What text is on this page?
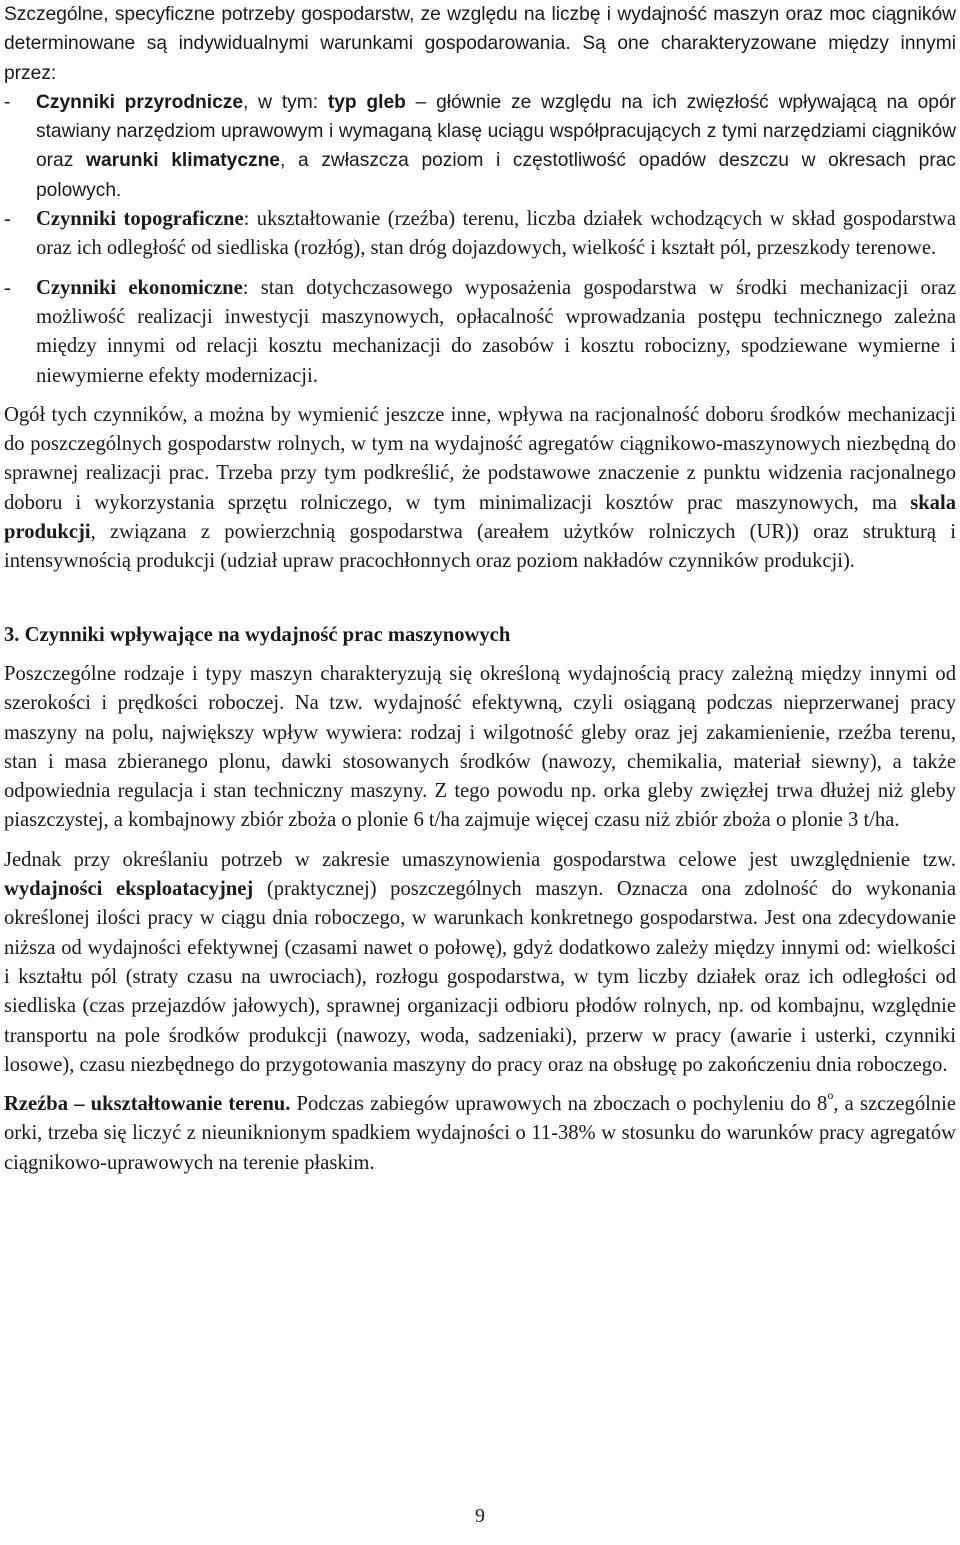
Szczególne, specyficzne potrzeby gospodarstw, ze względu na liczbę i wydajność maszyn oraz moc ciągników determinowane są indywidualnymi warunkami gospodarowania. Są one charakteryzowane między innymi przez:

- Czynniki przyrodnicze, w tym: typ gleb – głównie ze względu na ich zwięzłość wpływającą na opór stawiany narzędziom uprawowym i wymaganą klasę uciągu współpracujących z tymi narzędziami ciągników oraz warunki klimatyczne, a zwłaszcza poziom i częstotliwość opadów deszczu w okresach prac polowych.

- Czynniki topograficzne: ukształtowanie (rzeźba) terenu, liczba działek wchodzących w skład gospodarstwa oraz ich odległość od siedliska (rozłóg), stan dróg dojazdowych, wielkość i kształt pól, przeszkody terenowe.

- Czynniki ekonomiczne: stan dotychczasowego wyposażenia gospodarstwa w środki mechanizacji oraz możliwość realizacji inwestycji maszynowych, opłacalność wprowadzania postępu technicznego zależna między innymi od relacji kosztu mechanizacji do zasobów i kosztu robocizny, spodziewane wymierne i niewymierne efekty modernizacji.

Ogół tych czynników, a można by wymienić jeszcze inne, wpływa na racjonalność doboru środków mechanizacji do poszczególnych gospodarstw rolnych, w tym na wydajność agregatów ciągnikowo-maszynowych niezbędną do sprawnej realizacji prac. Trzeba przy tym podkreślić, że podstawowe znaczenie z punktu widzenia racjonalnego doboru i wykorzystania sprzętu rolniczego, w tym minimalizacji kosztów prac maszynowych, ma skala produkcji, związana z powierzchnią gospodarstwa (areałem użytków rolniczych (UR)) oraz strukturą i intensywnością produkcji (udział upraw pracochłonnych oraz poziom nakładów czynników produkcji).

3. Czynniki wpływające na wydajność prac maszynowych

Poszczególne rodzaje i typy maszyn charakteryzują się określoną wydajnością pracy zależną między innymi od szerokości i prędkości roboczej. Na tzw. wydajność efektywną, czyli osiąganą podczas nieprzerwanej pracy maszyny na polu, największy wpływ wywiera: rodzaj i wilgotność gleby oraz jej zakamienienie, rzeźba terenu, stan i masa zbieranego plonu, dawki stosowanych środków (nawozy, chemikalia, materiał siewny), a także odpowiednia regulacja i stan techniczny maszyny. Z tego powodu np. orka gleby zwięzłej trwa dłużej niż gleby piaszczystej, a kombajnowy zbiór zboża o plonie 6 t/ha zajmuje więcej czasu niż zbiór zboża o plonie 3 t/ha.

Jednak przy określaniu potrzeb w zakresie umaszynowienia gospodarstwa celowe jest uwzględnienie tzw. wydajności eksploatacyjnej (praktycznej) poszczególnych maszyn. Oznacza ona zdolność do wykonania określonej ilości pracy w ciągu dnia roboczego, w warunkach konkretnego gospodarstwa. Jest ona zdecydowanie niższa od wydajności efektywnej (czasami nawet o połowę), gdyż dodatkowo zależy między innymi od: wielkości i kształtu pól (straty czasu na uwrociach), rozłogu gospodarstwa, w tym liczby działek oraz ich odległości od siedliska (czas przejazdów jałowych), sprawnej organizacji odbioru płodów rolnych, np. od kombajnu, względnie transportu na pole środków produkcji (nawozy, woda, sadzeniaki), przerw w pracy (awarie i usterki, czynniki losowe), czasu niezbędnego do przygotowania maszyny do pracy oraz na obsługę po zakończeniu dnia roboczego.

Rzeźba – ukształtowanie terenu. Podczas zabiegów uprawowych na zboczach o pochyleniu do 8$^o$, a szczególnie orki, trzeba się liczyć z nieuniknionym spadkiem wydajności o 11-38% w stosunku do warunków pracy agregatów ciągnikowo-uprawowych na terenie płaskim.

9
